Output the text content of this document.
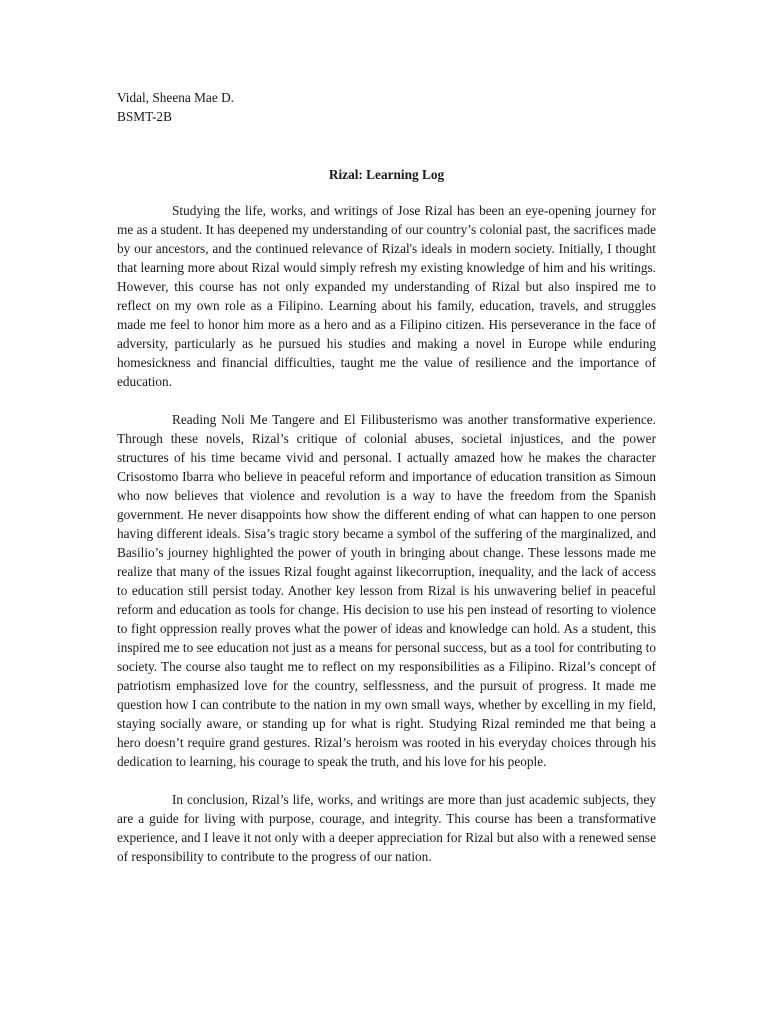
Vidal, Sheena Mae D.
BSMT-2B

Rizal: Learning Log

Studying the life, works, and writings of Jose Rizal has been an eye-opening journey for me as a student. It has deepened my understanding of our country’s colonial past, the sacrifices made by our ancestors, and the continued relevance of Rizal's ideals in modern society. Initially, I thought that learning more about Rizal would simply refresh my existing knowledge of him and his writings. However, this course has not only expanded my understanding of Rizal but also inspired me to reflect on my own role as a Filipino. Learning about his family, education, travels, and struggles made me feel to honor him more as a hero and as a Filipino citizen. His perseverance in the face of adversity, particularly as he pursued his studies and making a novel in Europe while enduring homesickness and financial difficulties, taught me the value of resilience and the importance of education.

Reading Noli Me Tangere and El Filibusterismo was another transformative experience. Through these novels, Rizal’s critique of colonial abuses, societal injustices, and the power structures of his time became vivid and personal. I actually amazed how he makes the character Crisostomo Ibarra who believe in peaceful reform and importance of education transition as Simoun who now believes that violence and revolution is a way to have the freedom from the Spanish government. He never disappoints how show the different ending of what can happen to one person having different ideals. Sisa’s tragic story became a symbol of the suffering of the marginalized, and Basilio’s journey highlighted the power of youth in bringing about change. These lessons made me realize that many of the issues Rizal fought against likecorruption, inequality, and the lack of access to education still persist today. Another key lesson from Rizal is his unwavering belief in peaceful reform and education as tools for change. His decision to use his pen instead of resorting to violence to fight oppression really proves what the power of ideas and knowledge can hold. As a student, this inspired me to see education not just as a means for personal success, but as a tool for contributing to society. The course also taught me to reflect on my responsibilities as a Filipino. Rizal’s concept of patriotism emphasized love for the country, selflessness, and the pursuit of progress. It made me question how I can contribute to the nation in my own small ways, whether by excelling in my field, staying socially aware, or standing up for what is right. Studying Rizal reminded me that being a hero doesn’t require grand gestures. Rizal’s heroism was rooted in his everyday choices through his dedication to learning, his courage to speak the truth, and his love for his people.

In conclusion, Rizal’s life, works, and writings are more than just academic subjects, they are a guide for living with purpose, courage, and integrity. This course has been a transformative experience, and I leave it not only with a deeper appreciation for Rizal but also with a renewed sense of responsibility to contribute to the progress of our nation.
